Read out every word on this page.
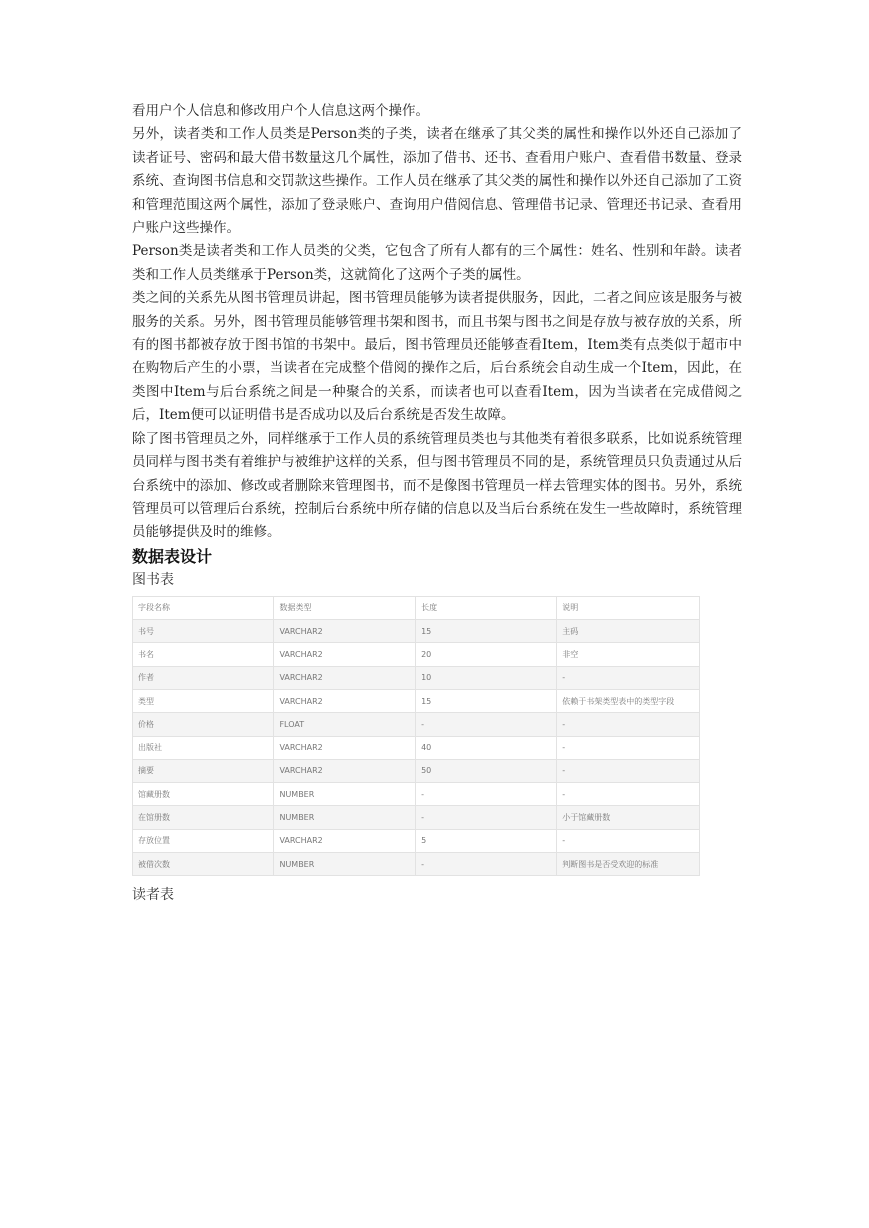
看用户个人信息和修改用户个人信息这两个操作。

另外，读者类和工作人员类是Person类的子类，读者在继承了其父类的属性和操作以外还自己添加了读者证号、密码和最大借书数量这几个属性，添加了借书、还书、查看用户账户、查看借书数量、登录系统、查询图书信息和交罚款这些操作。工作人员在继承了其父类的属性和操作以外还自己添加了工资和管理范围这两个属性，添加了登录账户、查询用户借阅信息、管理借书记录、管理还书记录、查看用户账户这些操作。

Person类是读者类和工作人员类的父类，它包含了所有人都有的三个属性：姓名、性别和年龄。读者类和工作人员类继承于Person类，这就简化了这两个子类的属性。

类之间的关系先从图书管理员讲起，图书管理员能够为读者提供服务，因此，二者之间应该是服务与被服务的关系。另外，图书管理员能够管理书架和图书，而且书架与图书之间是存放与被存放的关系，所有的图书都被存放于图书馆的书架中。最后，图书管理员还能够查看Item，Item类有点类似于超市中在购物后产生的小票，当读者在完成整个借阅的操作之后，后台系统会自动生成一个Item，因此，在类图中Item与后台系统之间是一种聚合的关系，而读者也可以查看Item，因为当读者在完成借阅之后，Item便可以证明借书是否成功以及后台系统是否发生故障。

除了图书管理员之外，同样继承于工作人员的系统管理员类也与其他类有着很多联系，比如说系统管理员同样与图书类有着维护与被维护这样的关系，但与图书管理员不同的是，系统管理员只负责通过从后台系统中的添加、修改或者删除来管理图书，而不是像图书管理员一样去管理实体的图书。另外，系统管理员可以管理后台系统，控制后台系统中所存储的信息以及当后台系统在发生一些故障时，系统管理员能够提供及时的维修。

数据表设计

图书表

字段名称	数据类型	长度	说明
书号	VARCHAR2	15	主码
书名	VARCHAR2	20	非空
作者	VARCHAR2	10	-
类型	VARCHAR2	15	依赖于书架类型表中的类型字段
价格	FLOAT	-	-
出版社	VARCHAR2	40	-
摘要	VARCHAR2	50	-
馆藏册数	NUMBER	-	-
在馆册数	NUMBER	-	小于馆藏册数
存放位置	VARCHAR2	5	-
被借次数	NUMBER	-	判断图书是否受欢迎的标准

读者表
